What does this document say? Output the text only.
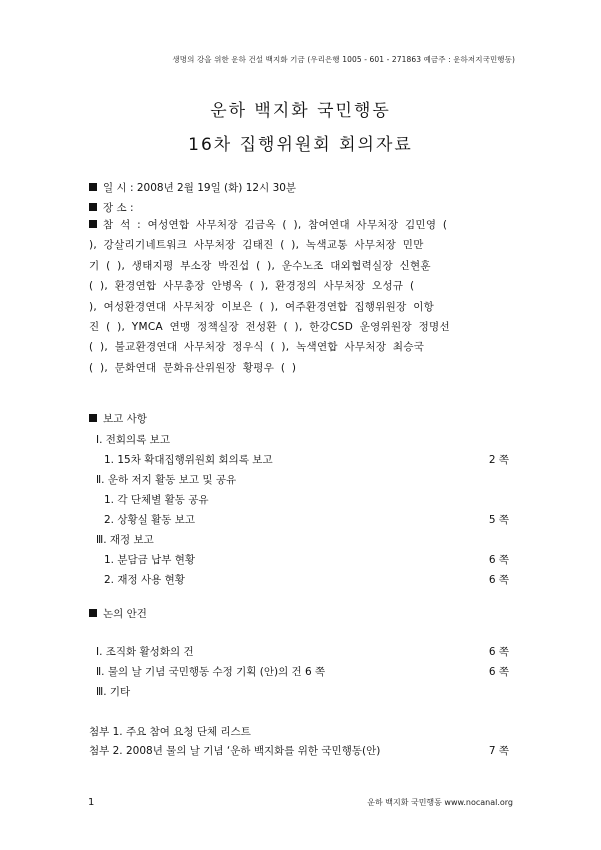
생명의 강을 위한 운하 건설 백지화 기금 (우리은행 1005 - 601 - 271863 예금주 : 운하저지국민행동)
운하 백지화 국민행동
16차 집행위원회 회의자료
일 시 : 2008년 2월 19일 (화) 12시 30분
장 소 :
참 석 : 여성연합 사무처장 김금옥 ( ), 참여연대 사무처장 김민영 (
), 강살리기네트워크 사무처장 김태진 ( ), 녹색교통 사무처장 민만
기 ( ), 생태지평 부소장 박진섭 ( ), 운수노조 대외협력실장 신현훈
( ), 환경연합 사무총장 안병옥 ( ), 환경정의 사무처장 오성규 (
), 여성환경연대 사무처장 이보은 ( ), 여주환경연합 집행위원장 이항
진 ( ), YMCA 연맹 정책실장 전성환 ( ), 한강CSD 운영위원장 정명선
( ), 불교환경연대 사무처장 정우식 ( ), 녹색연합 사무처장 최승국
( ), 문화연대 문화유산위원장 황평우 ( )
보고 사항
Ⅰ. 전회의록 보고
1. 15차 확대집행위원회 회의록 보고	2 쪽
Ⅱ. 운하 저지 활동 보고 및 공유
1. 각 단체별 활동 공유
2. 상황실 활동 보고	5 쪽
Ⅲ. 재정 보고
1. 분담금 납부 현황	6 쪽
2. 재정 사용 현황	6 쪽
논의 안건
Ⅰ. 조직화 활성화의 건	6 쪽
Ⅱ. 물의 날 기념 국민행동 수정 기획 (안)의 건 6 쪽	6 쪽
Ⅲ. 기타
첨부 1. 주요 참여 요청 단체 리스트
첨부 2. 2008년 물의 날 기념 ‘운하 백지화를 위한 국민행동(안)	7 쪽
1	운하 백지화 국민행동 www.nocanal.org
